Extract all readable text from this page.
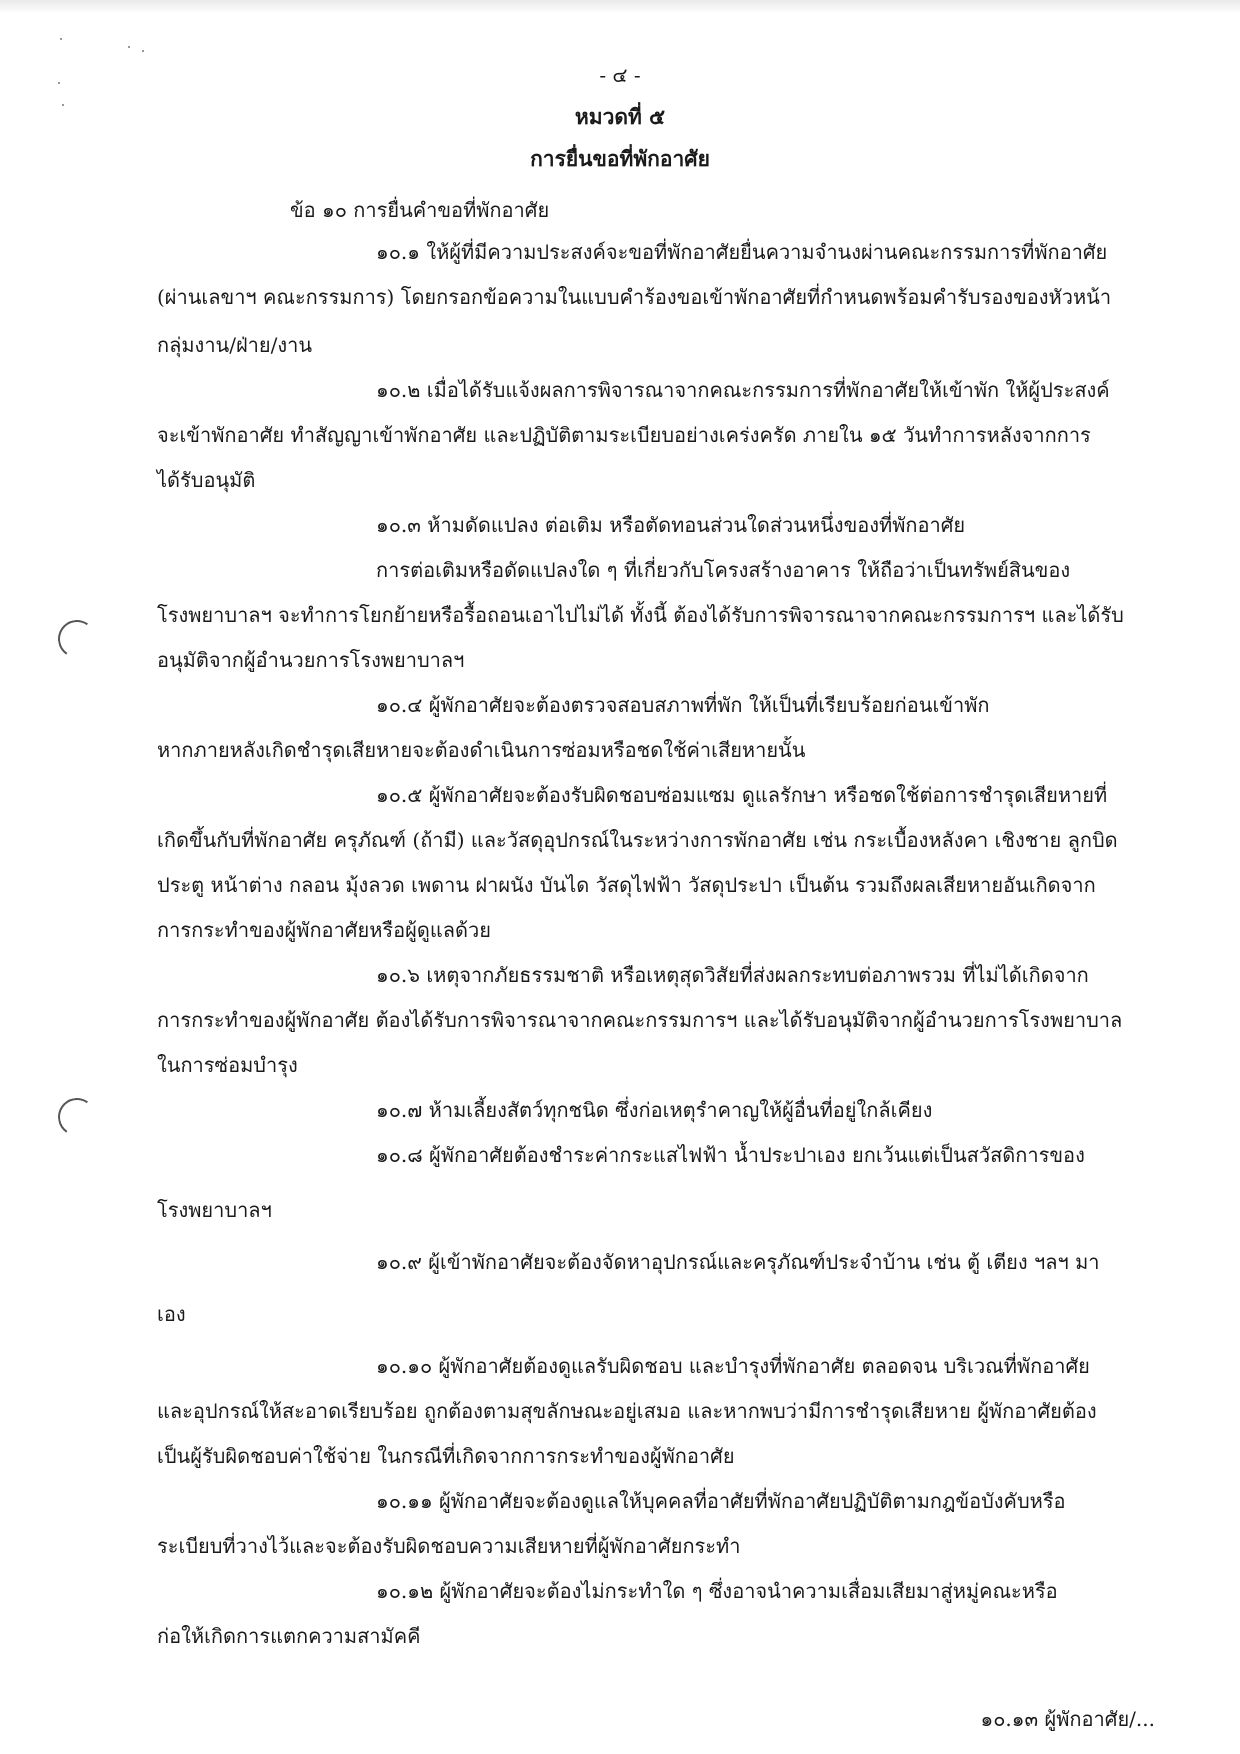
- ๔ -

หมวดที่ ๕

การยื่นขอที่พักอาศัย

ข้อ ๑๐ การยื่นคำขอที่พักอาศัย

๑๐.๑ ให้ผู้ที่มีความประสงค์จะขอที่พักอาศัยยื่นความจำนงผ่านคณะกรรมการที่พักอาศัย

(ผ่านเลขาฯ คณะกรรมการ) โดยกรอกข้อความในแบบคำร้องขอเข้าพักอาศัยที่กำหนดพร้อมคำรับรองของหัวหน้า

กลุ่มงาน/ฝ่าย/งาน

๑๐.๒ เมื่อได้รับแจ้งผลการพิจารณาจากคณะกรรมการที่พักอาศัยให้เข้าพัก ให้ผู้ประสงค์

จะเข้าพักอาศัย ทำสัญญาเข้าพักอาศัย และปฏิบัติตามระเบียบอย่างเคร่งครัด ภายใน ๑๕ วันทำการหลังจากการ

ได้รับอนุมัติ

๑๐.๓ ห้ามดัดแปลง ต่อเติม หรือตัดทอนส่วนใดส่วนหนึ่งของที่พักอาศัย

การต่อเติมหรือดัดแปลงใด ๆ ที่เกี่ยวกับโครงสร้างอาคาร ให้ถือว่าเป็นทรัพย์สินของ

โรงพยาบาลฯ จะทำการโยกย้ายหรือรื้อถอนเอาไปไม่ได้ ทั้งนี้ ต้องได้รับการพิจารณาจากคณะกรรมการฯ และได้รับ

อนุมัติจากผู้อำนวยการโรงพยาบาลฯ

๑๐.๔ ผู้พักอาศัยจะต้องตรวจสอบสภาพที่พัก ให้เป็นที่เรียบร้อยก่อนเข้าพัก

หากภายหลังเกิดชำรุดเสียหายจะต้องดำเนินการซ่อมหรือชดใช้ค่าเสียหายนั้น

๑๐.๕ ผู้พักอาศัยจะต้องรับผิดชอบซ่อมแซม ดูแลรักษา หรือชดใช้ต่อการชำรุดเสียหายที่

เกิดขึ้นกับที่พักอาศัย ครุภัณฑ์ (ถ้ามี) และวัสดุอุปกรณ์ในระหว่างการพักอาศัย เช่น กระเบื้องหลังคา เชิงชาย ลูกบิด

ประตู หน้าต่าง กลอน มุ้งลวด เพดาน ฝาผนัง บันได วัสดุไฟฟ้า วัสดุประปา เป็นต้น รวมถึงผลเสียหายอันเกิดจาก

การกระทำของผู้พักอาศัยหรือผู้ดูแลด้วย

๑๐.๖ เหตุจากภัยธรรมชาติ หรือเหตุสุดวิสัยที่ส่งผลกระทบต่อภาพรวม ที่ไม่ได้เกิดจาก

การกระทำของผู้พักอาศัย ต้องได้รับการพิจารณาจากคณะกรรมการฯ และได้รับอนุมัติจากผู้อำนวยการโรงพยาบาล

ในการซ่อมบำรุง

๑๐.๗ ห้ามเลี้ยงสัตว์ทุกชนิด ซึ่งก่อเหตุรำคาญให้ผู้อื่นที่อยู่ใกล้เคียง

๑๐.๘ ผู้พักอาศัยต้องชำระค่ากระแสไฟฟ้า น้ำประปาเอง ยกเว้นแต่เป็นสวัสดิการของ

โรงพยาบาลฯ

๑๐.๙ ผู้เข้าพักอาศัยจะต้องจัดหาอุปกรณ์และครุภัณฑ์ประจำบ้าน เช่น ตู้ เตียง ฯลฯ มา

เอง

๑๐.๑๐ ผู้พักอาศัยต้องดูแลรับผิดชอบ และบำรุงที่พักอาศัย ตลอดจน บริเวณที่พักอาศัย

และอุปกรณ์ให้สะอาดเรียบร้อย ถูกต้องตามสุขลักษณะอยู่เสมอ และหากพบว่ามีการชำรุดเสียหาย ผู้พักอาศัยต้อง

เป็นผู้รับผิดชอบค่าใช้จ่าย ในกรณีที่เกิดจากการกระทำของผู้พักอาศัย

๑๐.๑๑ ผู้พักอาศัยจะต้องดูแลให้บุคคลที่อาศัยที่พักอาศัยปฏิบัติตามกฎข้อบังคับหรือ

ระเบียบที่วางไว้และจะต้องรับผิดชอบความเสียหายที่ผู้พักอาศัยกระทำ

๑๐.๑๒ ผู้พักอาศัยจะต้องไม่กระทำใด ๆ ซึ่งอาจนำความเสื่อมเสียมาสู่หมู่คณะหรือ

ก่อให้เกิดการแตกความสามัคคี

๑๐.๑๓ ผู้พักอาศัย/...
